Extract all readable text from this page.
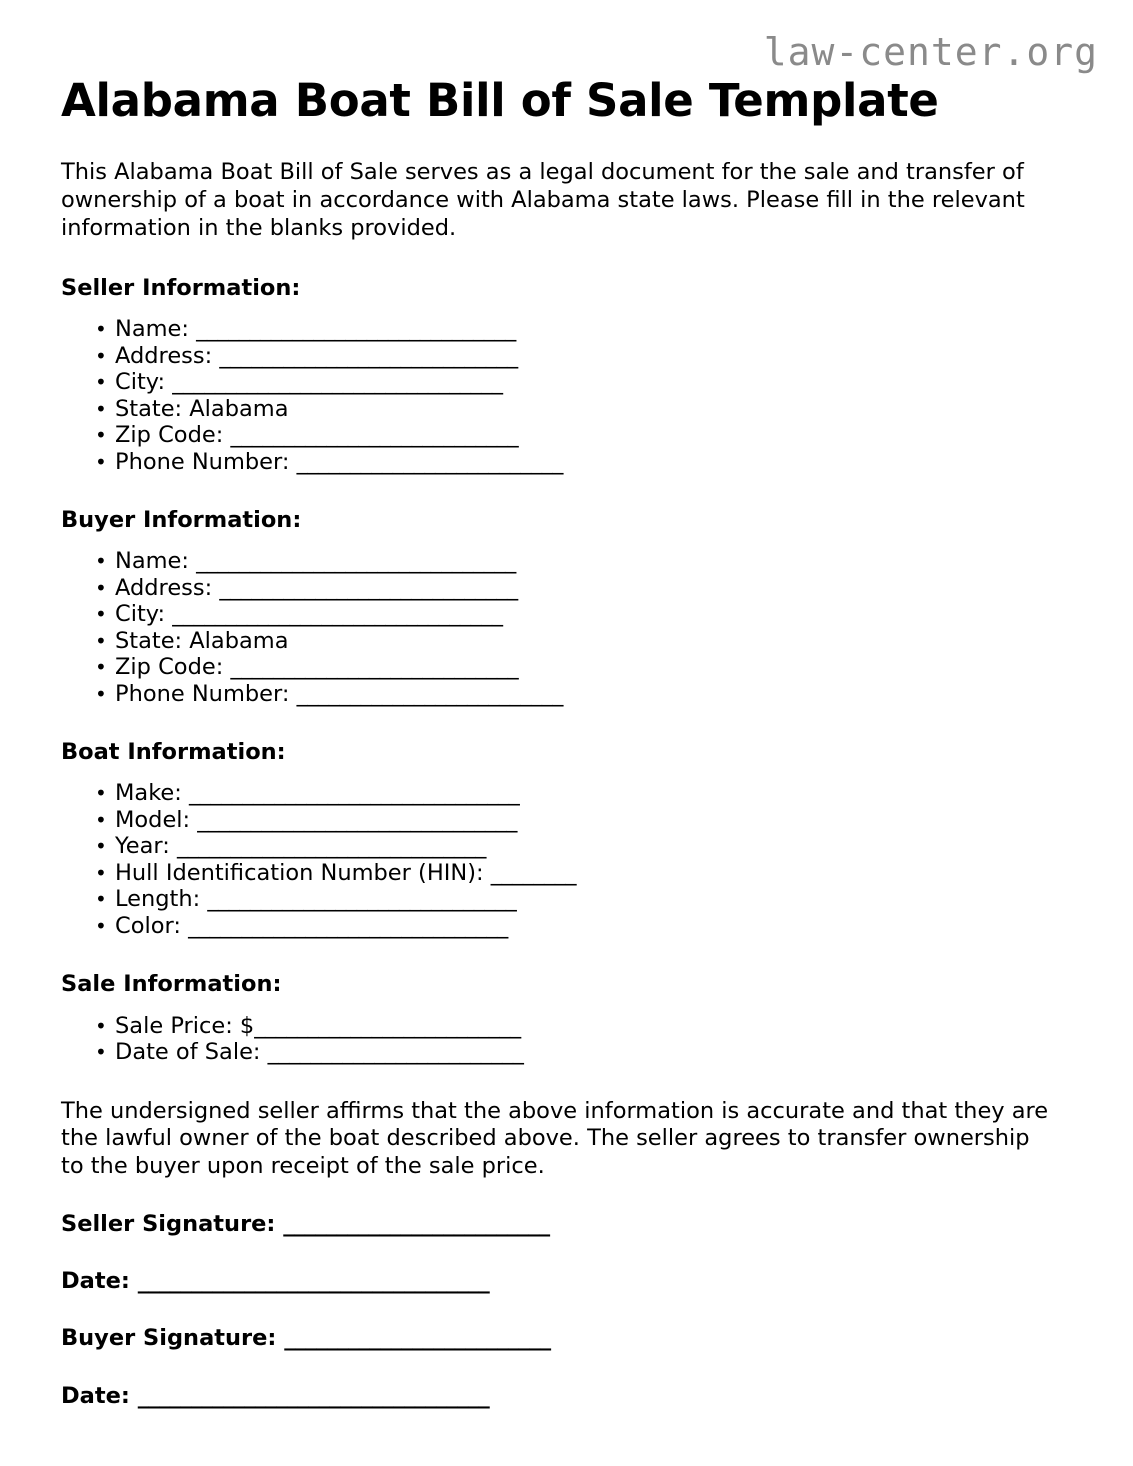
law-center.org
Alabama Boat Bill of Sale Template

This Alabama Boat Bill of Sale serves as a legal document for the sale and transfer of ownership of a boat in accordance with Alabama state laws. Please fill in the relevant information in the blanks provided.

Seller Information:
• Name: ______________________________
• Address: ____________________________
• City: _______________________________
• State: Alabama
• Zip Code: ___________________________
• Phone Number: _________________________
Buyer Information:
• Name: ______________________________
• Address: ____________________________
• City: _______________________________
• State: Alabama
• Zip Code: ___________________________
• Phone Number: _________________________
Boat Information:
• Make: _______________________________
• Model: ______________________________
• Year: _____________________________
• Hull Identification Number (HIN): ________
• Length: _____________________________
• Color: ______________________________
Sale Information:
• Sale Price: $_________________________
• Date of Sale: ________________________

The undersigned seller affirms that the above information is accurate and that they are the lawful owner of the boat described above. The seller agrees to transfer ownership to the buyer upon receipt of the sale price.

Seller Signature: _________________________

Date: _________________________________

Buyer Signature: _________________________

Date: _________________________________
